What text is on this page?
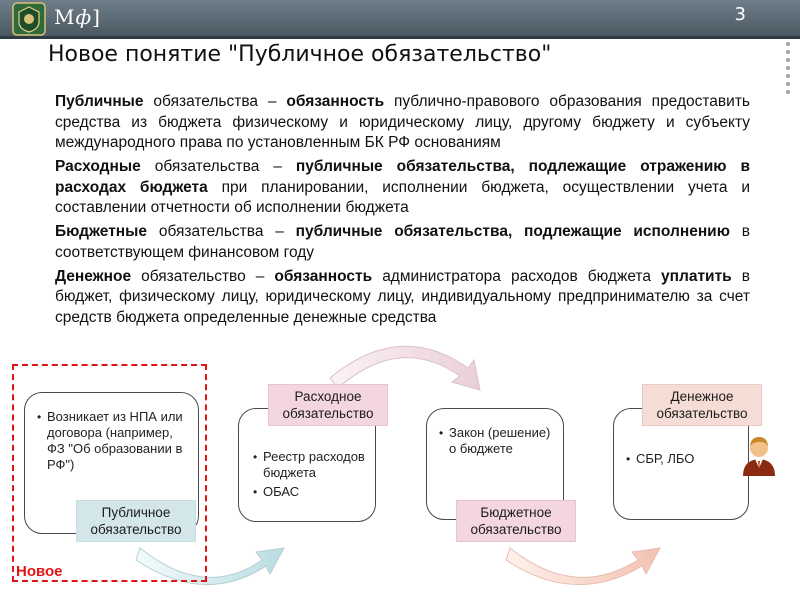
Мф]	3
Новое понятие "Публичное обязательство"

Публичные обязательства – обязанность публично-правового образования предоставить средства из бюджета физическому и юридическому лицу, другому бюджету и субъекту международного права по установленным БК РФ основаниям

Расходные обязательства – публичные обязательства, подлежащие отражению в расходах бюджета при планировании, исполнении бюджета, осуществлении учета и составлении отчетности об исполнении бюджета

Бюджетные обязательства – публичные обязательства, подлежащие исполнению в соответствующем финансовом году

Денежное обязательство – обязанность администратора расходов бюджета уплатить в бюджет, физическому лицу, юридическому лицу, индивидуальному предпринимателю за счет средств бюджета определенные денежные средства

Новое
• Возникает из НПА или договора (например, ФЗ "Об образовании в РФ")
Публичное обязательство
• Реестр расходов бюджета
• ОБАС
Расходное обязательство
• Закон (решение) о бюджете
Бюджетное обязательство
• СБР, ЛБО
Денежное обязательство
